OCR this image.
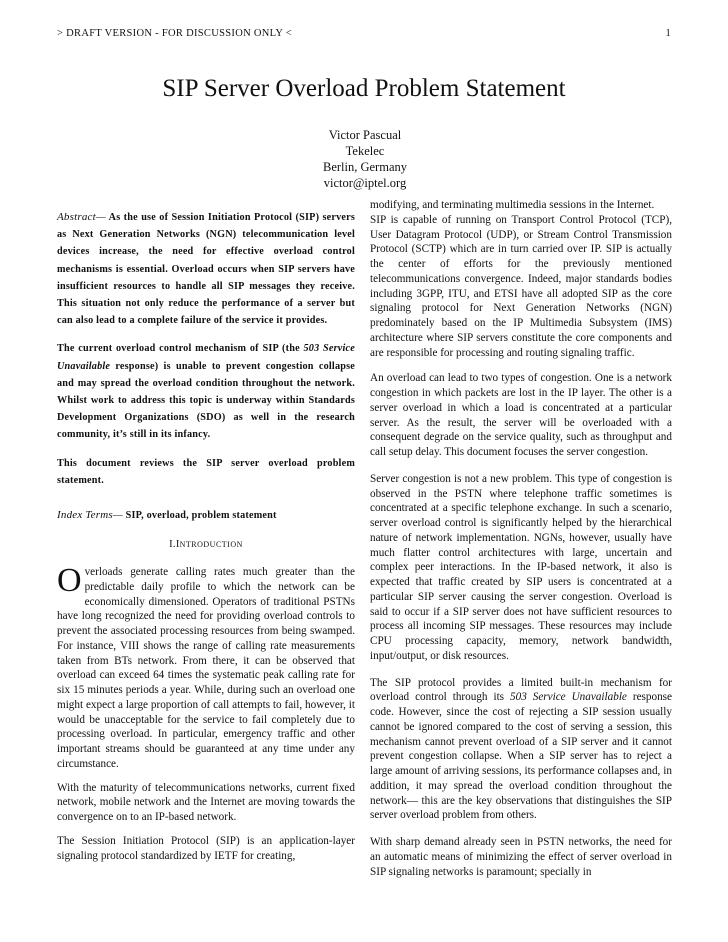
> DRAFT VERSION - FOR DISCUSSION ONLY <	1
SIP Server Overload Problem Statement
Victor Pascual
Tekelec
Berlin, Germany
victor@iptel.org

Abstract— As the use of Session Initiation Protocol (SIP) servers as Next Generation Networks (NGN) telecommunication level devices increase, the need for effective overload control mechanisms is essential. Overload occurs when SIP servers have insufficient resources to handle all SIP messages they receive. This situation not only reduce the performance of a server but can also lead to a complete failure of the service it provides.

The current overload control mechanism of SIP (the 503 Service Unavailable response) is unable to prevent congestion collapse and may spread the overload condition throughout the network. Whilst work to address this topic is underway within Standards Development Organizations (SDO) as well in the research community, it’s still in its infancy.

This document reviews the SIP server overload problem statement.

Index Terms— SIP, overload, problem statement

I.INTRODUCTION

Overloads generate calling rates much greater than the predictable daily profile to which the network can be economically dimensioned. Operators of traditional PSTNs have long recognized the need for providing overload controls to prevent the associated processing resources from being swamped. For instance, VIII shows the range of calling rate measurements taken from BTs network. From there, it can be observed that overload can exceed 64 times the systematic peak calling rate for six 15 minutes periods a year. While, during such an overload one might expect a large proportion of call attempts to fail, however, it would be unacceptable for the service to fail completely due to processing overload. In particular, emergency traffic and other important streams should be guaranteed at any time under any circumstance.

With the maturity of telecommunications networks, current fixed network, mobile network and the Internet are moving towards the convergence on to an IP-based network.

The Session Initiation Protocol (SIP) is an application-layer signaling protocol standardized by IETF for creating,

modifying, and terminating multimedia sessions in the Internet.

SIP is capable of running on Transport Control Protocol (TCP), User Datagram Protocol (UDP), or Stream Control Transmission Protocol (SCTP) which are in turn carried over IP. SIP is actually the center of efforts for the previously mentioned telecommunications convergence. Indeed, major standards bodies including 3GPP, ITU, and ETSI have all adopted SIP as the core signaling protocol for Next Generation Networks (NGN) predominately based on the IP Multimedia Subsystem (IMS) architecture where SIP servers constitute the core components and are responsible for processing and routing signaling traffic.

An overload can lead to two types of congestion. One is a network congestion in which packets are lost in the IP layer. The other is a server overload in which a load is concentrated at a particular server. As the result, the server will be overloaded with a consequent degrade on the service quality, such as throughput and call setup delay. This document focuses the server congestion.

Server congestion is not a new problem. This type of congestion is observed in the PSTN where telephone traffic sometimes is concentrated at a specific telephone exchange. In such a scenario, server overload control is significantly helped by the hierarchical nature of network implementation. NGNs, however, usually have much flatter control architectures with large, uncertain and complex peer interactions. In the IP-based network, it also is expected that traffic created by SIP users is concentrated at a particular SIP server causing the server congestion. Overload is said to occur if a SIP server does not have sufficient resources to process all incoming SIP messages. These resources may include CPU processing capacity, memory, network bandwidth, input/output, or disk resources.

The SIP protocol provides a limited built-in mechanism for overload control through its 503 Service Unavailable response code. However, since the cost of rejecting a SIP session usually cannot be ignored compared to the cost of serving a session, this mechanism cannot prevent overload of a SIP server and it cannot prevent congestion collapse. When a SIP server has to reject a large amount of arriving sessions, its performance collapses and, in addition, it may spread the overload condition throughout the network— this are the key observations that distinguishes the SIP server overload problem from others.

With sharp demand already seen in PSTN networks, the need for an automatic means of minimizing the effect of server overload in SIP signaling networks is paramount; specially in
